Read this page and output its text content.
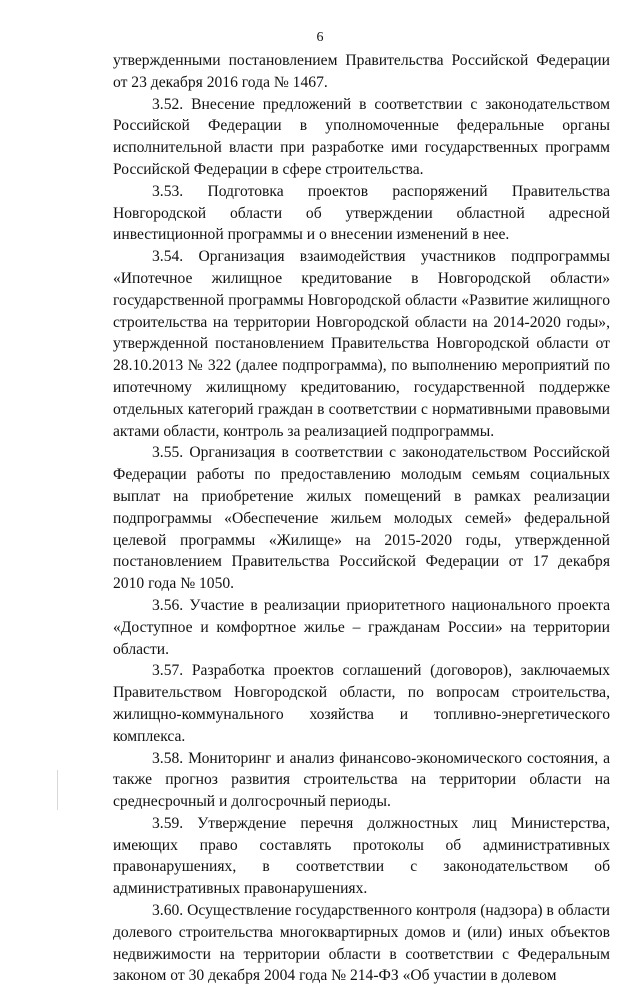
6

утвержденными постановлением Правительства Российской Федерации от 23 декабря 2016 года № 1467.

3.52. Внесение предложений в соответствии с законодательством Российской Федерации в уполномоченные федеральные органы исполнительной власти при разработке ими государственных программ Российской Федерации в сфере строительства.

3.53. Подготовка проектов распоряжений Правительства Новгородской области об утверждении областной адресной инвестиционной программы и о внесении изменений в нее.

3.54. Организация взаимодействия участников подпрограммы «Ипотечное жилищное кредитование в Новгородской области» государственной программы Новгородской области «Развитие жилищного строительства на территории Новгородской области на 2014-2020 годы», утвержденной постановлением Правительства Новгородской области от 28.10.2013 № 322 (далее подпрограмма), по выполнению мероприятий по ипотечному жилищному кредитованию, государственной поддержке отдельных категорий граждан в соответствии с нормативными правовыми актами области, контроль за реализацией подпрограммы.

3.55. Организация в соответствии с законодательством Российской Федерации работы по предоставлению молодым семьям социальных выплат на приобретение жилых помещений в рамках реализации подпрограммы «Обеспечение жильем молодых семей» федеральной целевой программы «Жилище» на 2015-2020 годы, утвержденной постановлением Правительства Российской Федерации от 17 декабря 2010 года № 1050.

3.56. Участие в реализации приоритетного национального проекта «Доступное и комфортное жилье – гражданам России» на территории области.

3.57. Разработка проектов соглашений (договоров), заключаемых Правительством Новгородской области, по вопросам строительства, жилищно-коммунального хозяйства и топливно-энергетического комплекса.

3.58. Мониторинг и анализ финансово-экономического состояния, а также прогноз развития строительства на территории области на среднесрочный и долгосрочный периоды.

3.59. Утверждение перечня должностных лиц Министерства, имеющих право составлять протоколы об административных правонарушениях, в соответствии с законодательством об административных правонарушениях.

3.60. Осуществление государственного контроля (надзора) в области долевого строительства многоквартирных домов и (или) иных объектов недвижимости на территории области в соответствии с Федеральным законом от 30 декабря 2004 года № 214-ФЗ «Об участии в долевом
